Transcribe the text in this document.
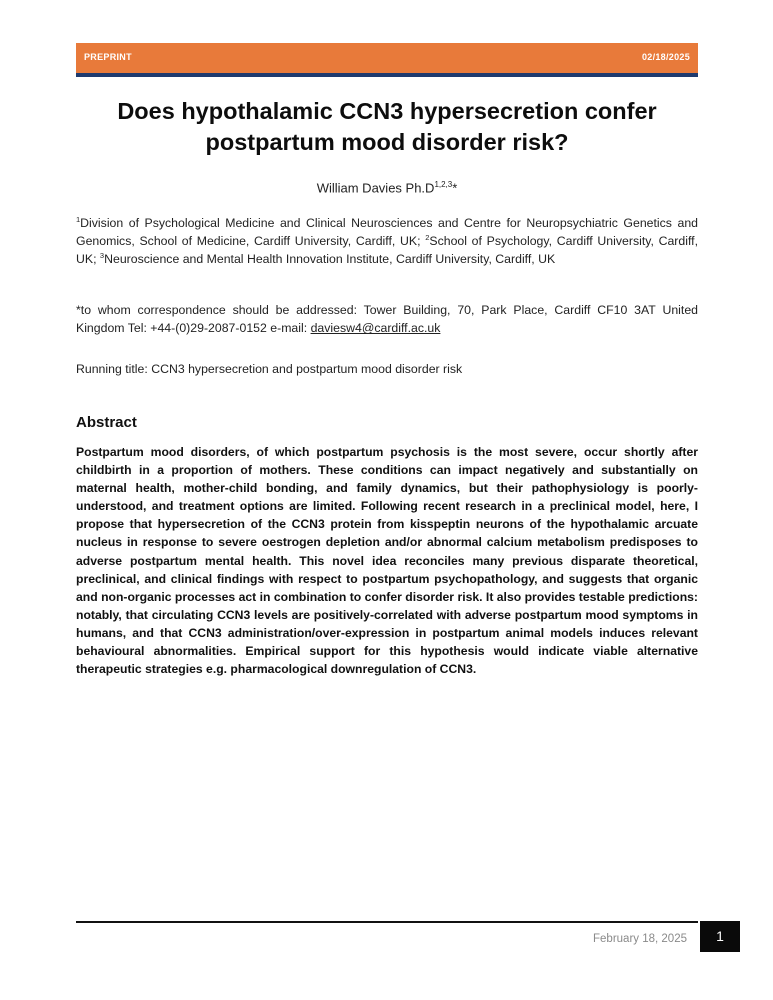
PREPRINT	02/18/2025
Does hypothalamic CCN3 hypersecretion confer postpartum mood disorder risk?
William Davies $Ph.D^{1,2,3}*$
$^1$Division of Psychological Medicine and Clinical Neurosciences and Centre for Neuropsychiatric Genetics and Genomics, School of Medicine, Cardiff University, Cardiff, UK; $^2$School of Psychology, Cardiff University, Cardiff, UK; $^3$Neuroscience and Mental Health Innovation Institute, Cardiff University, Cardiff, UK
*to whom correspondence should be addressed: Tower Building, 70, Park Place, Cardiff CF10 3AT United Kingdom Tel: +44-(0)29-2087-0152 e-mail: daviesw4@cardiff.ac.uk
Running title: CCN3 hypersecretion and postpartum mood disorder risk
Abstract
Postpartum mood disorders, of which postpartum psychosis is the most severe, occur shortly after childbirth in a proportion of mothers. These conditions can impact negatively and substantially on maternal health, mother-child bonding, and family dynamics, but their pathophysiology is poorly-understood, and treatment options are limited. Following recent research in a preclinical model, here, I propose that hypersecretion of the CCN3 protein from kisspeptin neurons of the hypothalamic arcuate nucleus in response to severe oestrogen depletion and/or abnormal calcium metabolism predisposes to adverse postpartum mental health. This novel idea reconciles many previous disparate theoretical, preclinical, and clinical findings with respect to postpartum psychopathology, and suggests that organic and non-organic processes act in combination to confer disorder risk. It also provides testable predictions: notably, that circulating CCN3 levels are positively-correlated with adverse postpartum mood symptoms in humans, and that CCN3 administration/over-expression in postpartum animal models induces relevant behavioural abnormalities. Empirical support for this hypothesis would indicate viable alternative therapeutic strategies e.g. pharmacological downregulation of CCN3.
February 18, 2025	1
